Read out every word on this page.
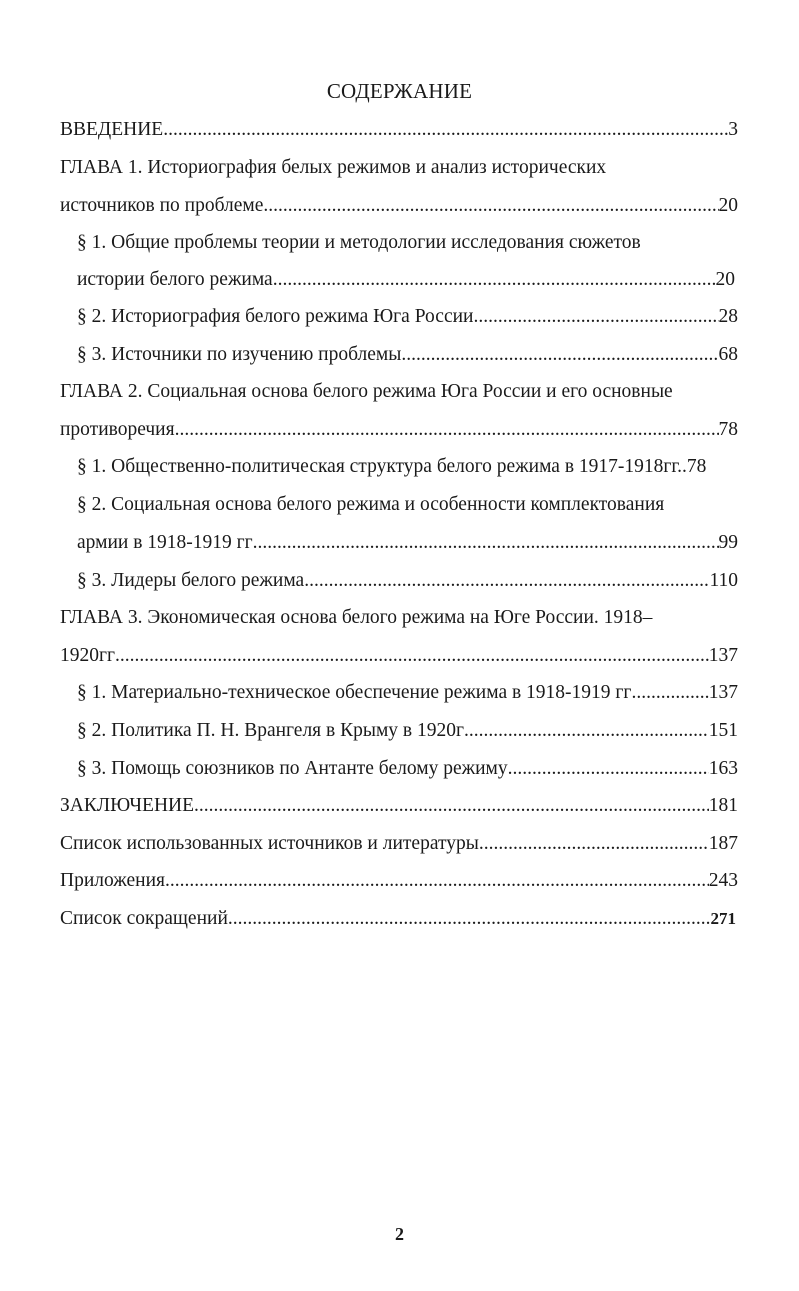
СОДЕРЖАНИЕ
ВВЕДЕНИЕ .....	3
ГЛАВА 1. Историография белых режимов и анализ исторических
источников по проблеме .....	20
§ 1. Общие проблемы теории и методологии исследования сюжетов
истории белого режима .....	20
§ 2. Историография белого режима Юга России .....	28
§ 3. Источники по изучению проблемы .....	68
ГЛАВА 2. Социальная основа белого режима Юга России и его основные
противоречия .....	78
§ 1. Общественно-политическая структура белого режима в 1917-1918гг..78
§ 2. Социальная основа белого режима и особенности комплектования
армии в 1918-1919 гг .....	99
§ 3. Лидеры белого режима .....	110
ГЛАВА 3. Экономическая основа белого режима на Юге России. 1918–
1920гг .....	137
§ 1. Материально-техническое обеспечение режима в 1918-1919 гг .....	137
§ 2. Политика П. Н. Врангеля в Крыму в 1920г .....	151
§ 3. Помощь союзников по Антанте белому режиму .....	163
ЗАКЛЮЧЕНИЕ .....	181
Список использованных источников и литературы .....	187
Приложения .....	243
Список сокращений .....	271
2
